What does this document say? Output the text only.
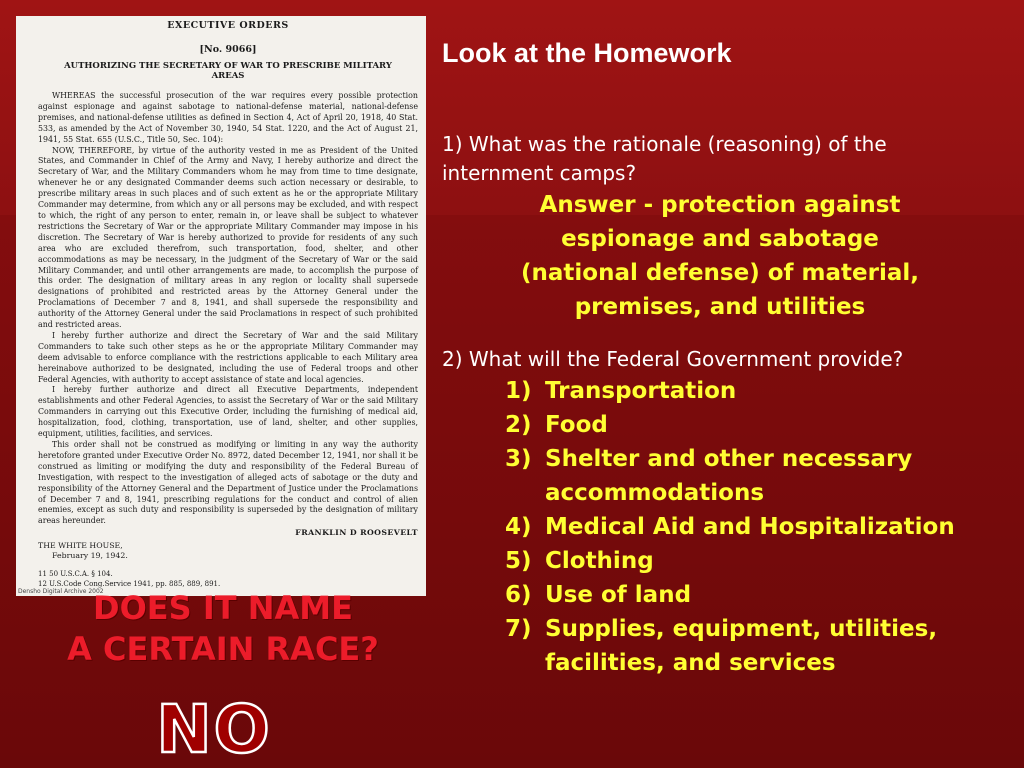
EXECUTIVE ORDERS
[No. 9066]
AUTHORIZING THE SECRETARY OF WAR TO PRESCRIBE MILITARY
AREAS

WHEREAS the successful prosecution of the war requires every possible protection against espionage and against sabotage to national-defense material, national-defense premises, and national-defense utilities as defined in Section 4, Act of April 20, 1918, 40 Stat. 533, as amended by the Act of November 30, 1940, 54 Stat. 1220, and the Act of August 21, 1941, 55 Stat. 655 (U.S.C., Title 50, Sec. 104):

NOW, THEREFORE, by virtue of the authority vested in me as President of the United States, and Commander in Chief of the Army and Navy, I hereby authorize and direct the Secretary of War, and the Military Commanders whom he may from time to time designate, whenever he or any designated Commander deems such action necessary or desirable, to prescribe military areas in such places and of such extent as he or the appropriate Military Commander may determine, from which any or all persons may be excluded, and with respect to which, the right of any person to enter, remain in, or leave shall be subject to whatever restrictions the Secretary of War or the appropriate Military Commander may impose in his discretion. The Secretary of War is hereby authorized to provide for residents of any such area who are excluded therefrom, such transportation, food, shelter, and other accommodations as may be necessary, in the judgment of the Secretary of War or the said Military Commander, and until other arrangements are made, to accomplish the purpose of this order. The designation of military areas in any region or locality shall supersede designations of prohibited and restricted areas by the Attorney General under the Proclamations of December 7 and 8, 1941, and shall supersede the responsibility and authority of the Attorney General under the said Proclamations in respect of such prohibited and restricted areas.

I hereby further authorize and direct the Secretary of War and the said Military Commanders to take such other steps as he or the appropriate Military Commander may deem advisable to enforce compliance with the restrictions applicable to each Military area hereinabove authorized to be designated, including the use of Federal troops and other Federal Agencies, with authority to accept assistance of state and local agencies.

I hereby further authorize and direct all Executive Departments, independent establishments and other Federal Agencies, to assist the Secretary of War or the said Military Commanders in carrying out this Executive Order, including the furnishing of medical aid, hospitalization, food, clothing, transportation, use of land, shelter, and other supplies, equipment, utilities, facilities, and services.

This order shall not be construed as modifying or limiting in any way the authority heretofore granted under Executive Order No. 8972, dated December 12, 1941, nor shall it be construed as limiting or modifying the duty and responsibility of the Federal Bureau of Investigation, with respect to the investigation of alleged acts of sabotage or the duty and responsibility of the Attorney General and the Department of Justice under the Proclamations of December 7 and 8, 1941, prescribing regulations for the conduct and control of alien enemies, except as such duty and responsibility is superseded by the designation of military areas hereunder.

FRANKLIN D ROOSEVELT
THE WHITE HOUSE,
February 19, 1942.
11 50 U.S.C.A. § 104.
12 U.S.Code Cong.Service 1941, pp. 885, 889, 891.
Densho Digital Archive 2002
DOES IT NAME
A CERTAIN RACE?
NO
Look at the Homework
1) What was the rationale (reasoning) of the internment camps?
Answer - protection against
espionage and sabotage
(national defense) of material,
premises, and utilities
2) What will the Federal Government provide?
1) Transportation
2) Food
3) Shelter and other necessary accommodations
4) Medical Aid and Hospitalization
5) Clothing
6) Use of land
7) Supplies, equipment, utilities, facilities, and services
